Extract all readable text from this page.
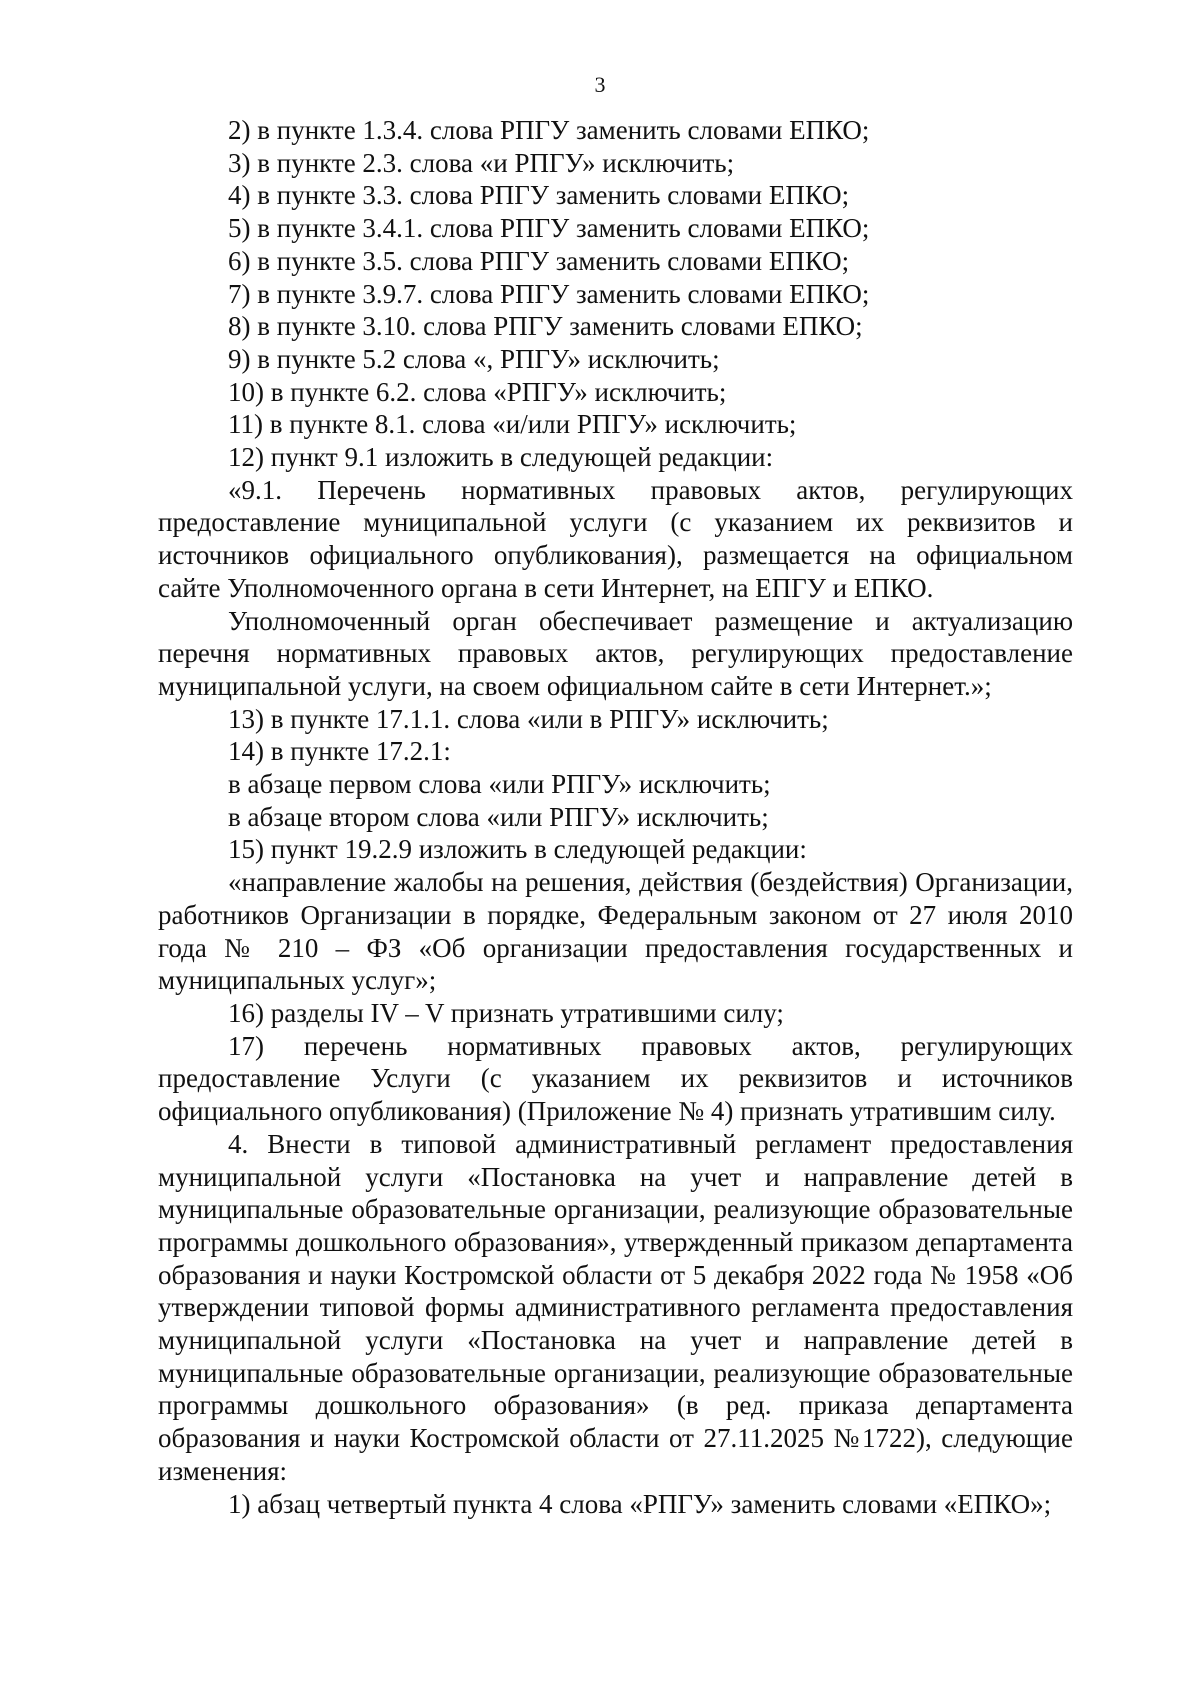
3
2) в пункте 1.3.4. слова РПГУ заменить словами ЕПКО;
3) в пункте 2.3. слова «и РПГУ» исключить;
4) в пункте 3.3. слова РПГУ заменить словами ЕПКО;
5) в пункте 3.4.1. слова РПГУ заменить словами ЕПКО;
6) в пункте 3.5. слова РПГУ заменить словами ЕПКО;
7) в пункте 3.9.7. слова РПГУ заменить словами ЕПКО;
8) в пункте 3.10. слова РПГУ заменить словами ЕПКО;
9) в пункте 5.2 слова «, РПГУ» исключить;
10) в пункте 6.2. слова «РПГУ» исключить;
11) в пункте 8.1. слова «и/или РПГУ» исключить;
12) пункт 9.1 изложить в следующей редакции:

«9.1. Перечень нормативных правовых актов, регулирующих предоставление муниципальной услуги (с указанием их реквизитов и источников официального опубликования), размещается на официальном сайте Уполномоченного органа в сети Интернет, на ЕПГУ и ЕПКО.

Уполномоченный орган обеспечивает размещение и актуализацию перечня нормативных правовых актов, регулирующих предоставление муниципальной услуги, на своем официальном сайте в сети Интернет.»;

13) в пункте 17.1.1. слова «или в РПГУ» исключить;
14) в пункте 17.2.1:
в абзаце первом слова «или РПГУ» исключить;
в абзаце втором слова «или РПГУ» исключить;
15) пункт 19.2.9 изложить в следующей редакции:

«направление жалобы на решения, действия (бездействия) Организации, работников Организации в порядке, Федеральным законом от 27 июля 2010 года № 210 – ФЗ «Об организации предоставления государственных и муниципальных услуг»;

16) разделы IV – V признать утратившими силу;

17) перечень нормативных правовых актов, регулирующих предоставление Услуги (с указанием их реквизитов и источников официального опубликования) (Приложение № 4) признать утратившим силу.

4. Внести в типовой административный регламент предоставления муниципальной услуги «Постановка на учет и направление детей в муниципальные образовательные организации, реализующие образовательные программы дошкольного образования», утвержденный приказом департамента образования и науки Костромской области от 5 декабря 2022 года № 1958 «Об утверждении типовой формы административного регламента предоставления муниципальной услуги «Постановка на учет и направление детей в муниципальные образовательные организации, реализующие образовательные программы дошкольного образования» (в ред. приказа департамента образования и науки Костромской области от 27.11.2025 №1722), следующие изменения:

1) абзац четвертый пункта 4 слова «РПГУ» заменить словами «ЕПКО»;
